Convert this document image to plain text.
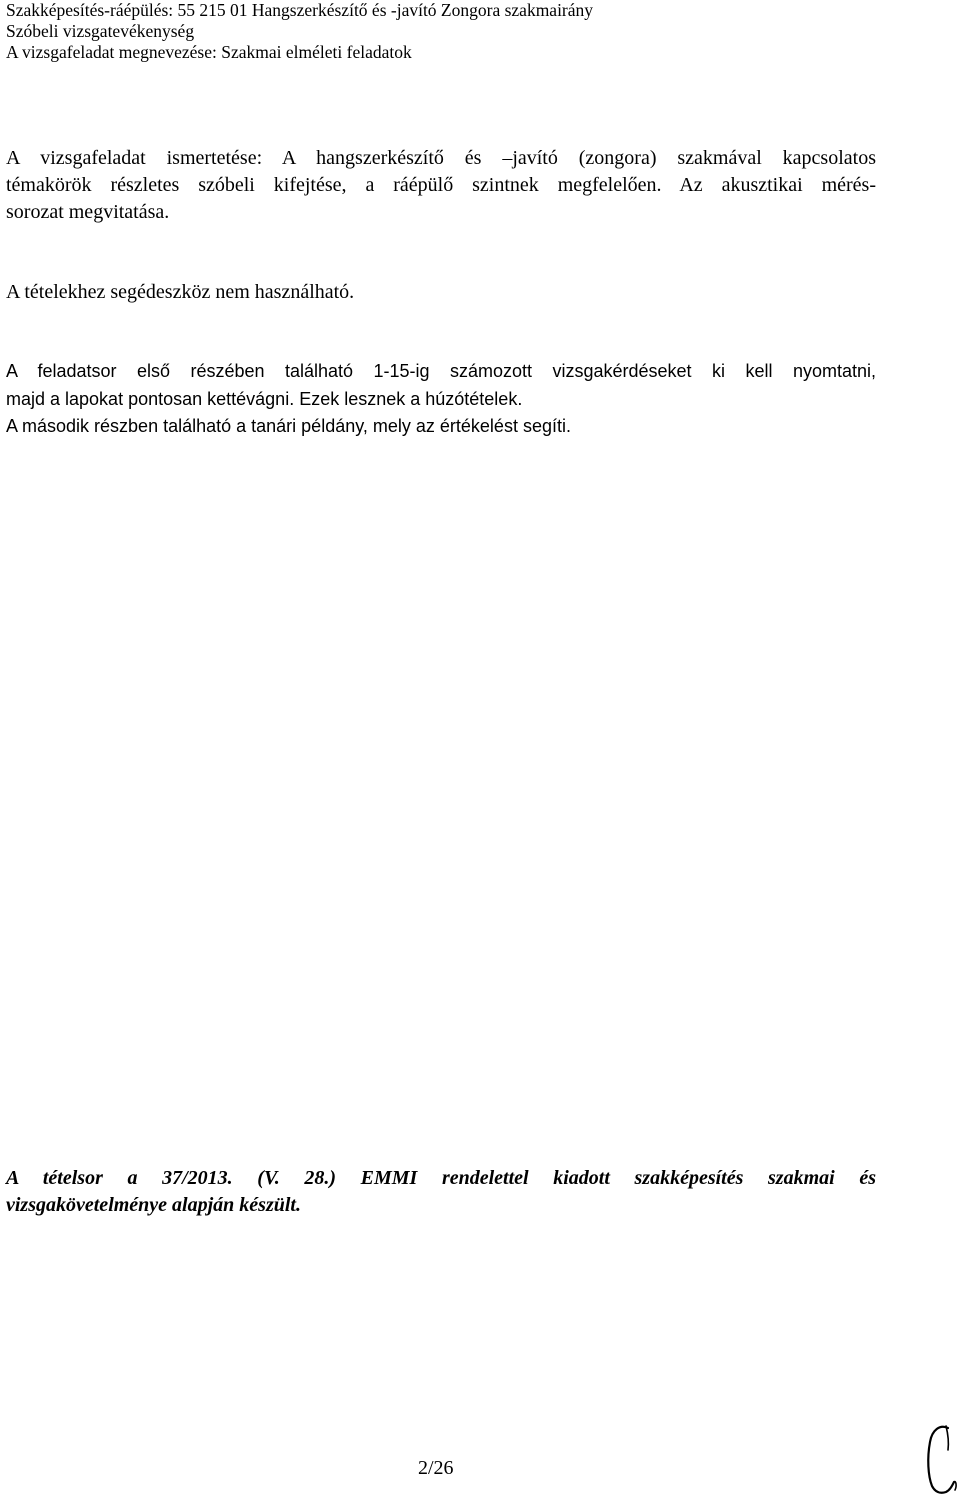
Szakképesítés-ráépülés: 55 215 01 Hangszerkészítő és -javító Zongora szakmairány
Szóbeli vizsgatevékenység
A vizsgafeladat megnevezése: Szakmai elméleti feladatok
A vizsgafeladat ismertetése: A hangszerkészítő és –javító (zongora) szakmával kapcsolatos
témakörök részletes szóbeli kifejtése, a ráépülő szintnek megfelelően. Az akusztikai mérés-
sorozat megvitatása.
A tételekhez segédeszköz nem használható.
A feladatsor első részében található 1-15-ig számozott vizsgakérdéseket ki kell nyomtatni,
majd a lapokat pontosan kettévágni. Ezek lesznek a húzótételek.
A második részben található a tanári példány, mely az értékelést segíti.
A tételsor a 37/2013. (V. 28.) EMMI rendelettel kiadott szakképesítés szakmai és
vizsgakövetelménye alapján készült.
2/26
